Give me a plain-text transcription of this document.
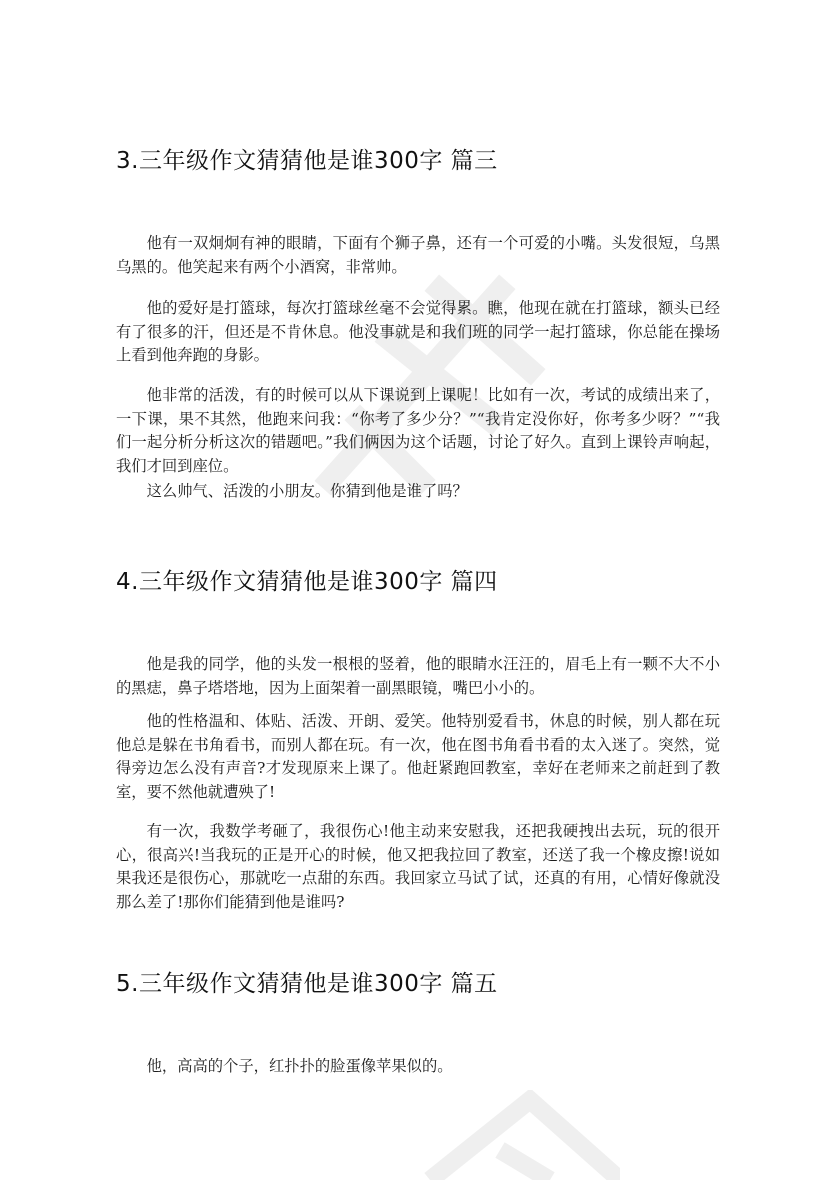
3.三年级作文猜猜他是谁300字 篇三

他有一双炯炯有神的眼睛，下面有个狮子鼻，还有一个可爱的小嘴。头发很短，乌黑乌黑的。他笑起来有两个小酒窝，非常帅。

他的爱好是打篮球，每次打篮球丝毫不会觉得累。瞧，他现在就在打篮球，额头已经有了很多的汗，但还是不肯休息。他没事就是和我们班的同学一起打篮球，你总能在操场上看到他奔跑的身影。

他非常的活泼，有的时候可以从下课说到上课呢！比如有一次，考试的成绩出来了，一下课，果不其然，他跑来问我：“你考了多少分？”“我肯定没你好，你考多少呀？”“我们一起分析分析这次的错题吧。”我们俩因为这个话题，讨论了好久。直到上课铃声响起，我们才回到座位。

这么帅气、活泼的小朋友。你猜到他是谁了吗？

4.三年级作文猜猜他是谁300字 篇四

他是我的同学，他的头发一根根的竖着，他的眼睛水汪汪的，眉毛上有一颗不大不小的黑痣，鼻子塔塔地，因为上面架着一副黑眼镜，嘴巴小小的。

他的性格温和、体贴、活泼、开朗、爱笑。他特别爱看书，休息的时候，别人都在玩他总是躲在书角看书，而别人都在玩。有一次，他在图书角看书看的太入迷了。突然，觉得旁边怎么没有声音?才发现原来上课了。他赶紧跑回教室，幸好在老师来之前赶到了教室，要不然他就遭殃了!

有一次，我数学考砸了，我很伤心!他主动来安慰我，还把我硬拽出去玩，玩的很开心，很高兴!当我玩的正是开心的时候，他又把我拉回了教室，还送了我一个橡皮擦!说如果我还是很伤心，那就吃一点甜的东西。我回家立马试了试，还真的有用，心情好像就没那么差了!那你们能猜到他是谁吗?

5.三年级作文猜猜他是谁300字 篇五

他，高高的个子，红扑扑的脸蛋像苹果似的。
